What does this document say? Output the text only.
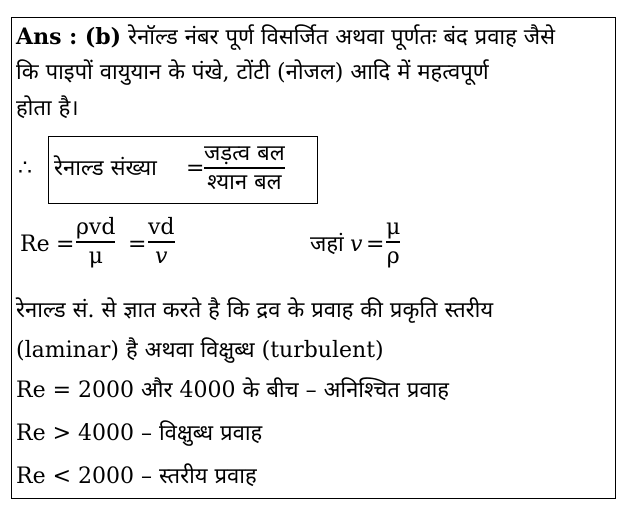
Ans : (b) रेनॉल्ड नंबर पूर्ण विसर्जित अथवा पूर्णतः बंद प्रवाह जैसे
कि पाइपों वायुयान के पंखे, टोंटी (नोजल) आदि में महत्वपूर्ण
होता है।
∴ रेनाल्ड संख्या =
जड़त्व बल
श्यान बल
Re =
ρvd
μ =
vd
v	जहां v =
μ
ρ
रेनाल्ड सं. से ज्ञात करते है कि द्रव के प्रवाह की प्रकृति स्तरीय
(laminar) है अथवा विक्षुब्ध (turbulent)
Re = 2000 और 4000 के बीच – अनिश्चित प्रवाह
Re > 4000 – विक्षुब्ध प्रवाह
Re < 2000 – स्तरीय प्रवाह
